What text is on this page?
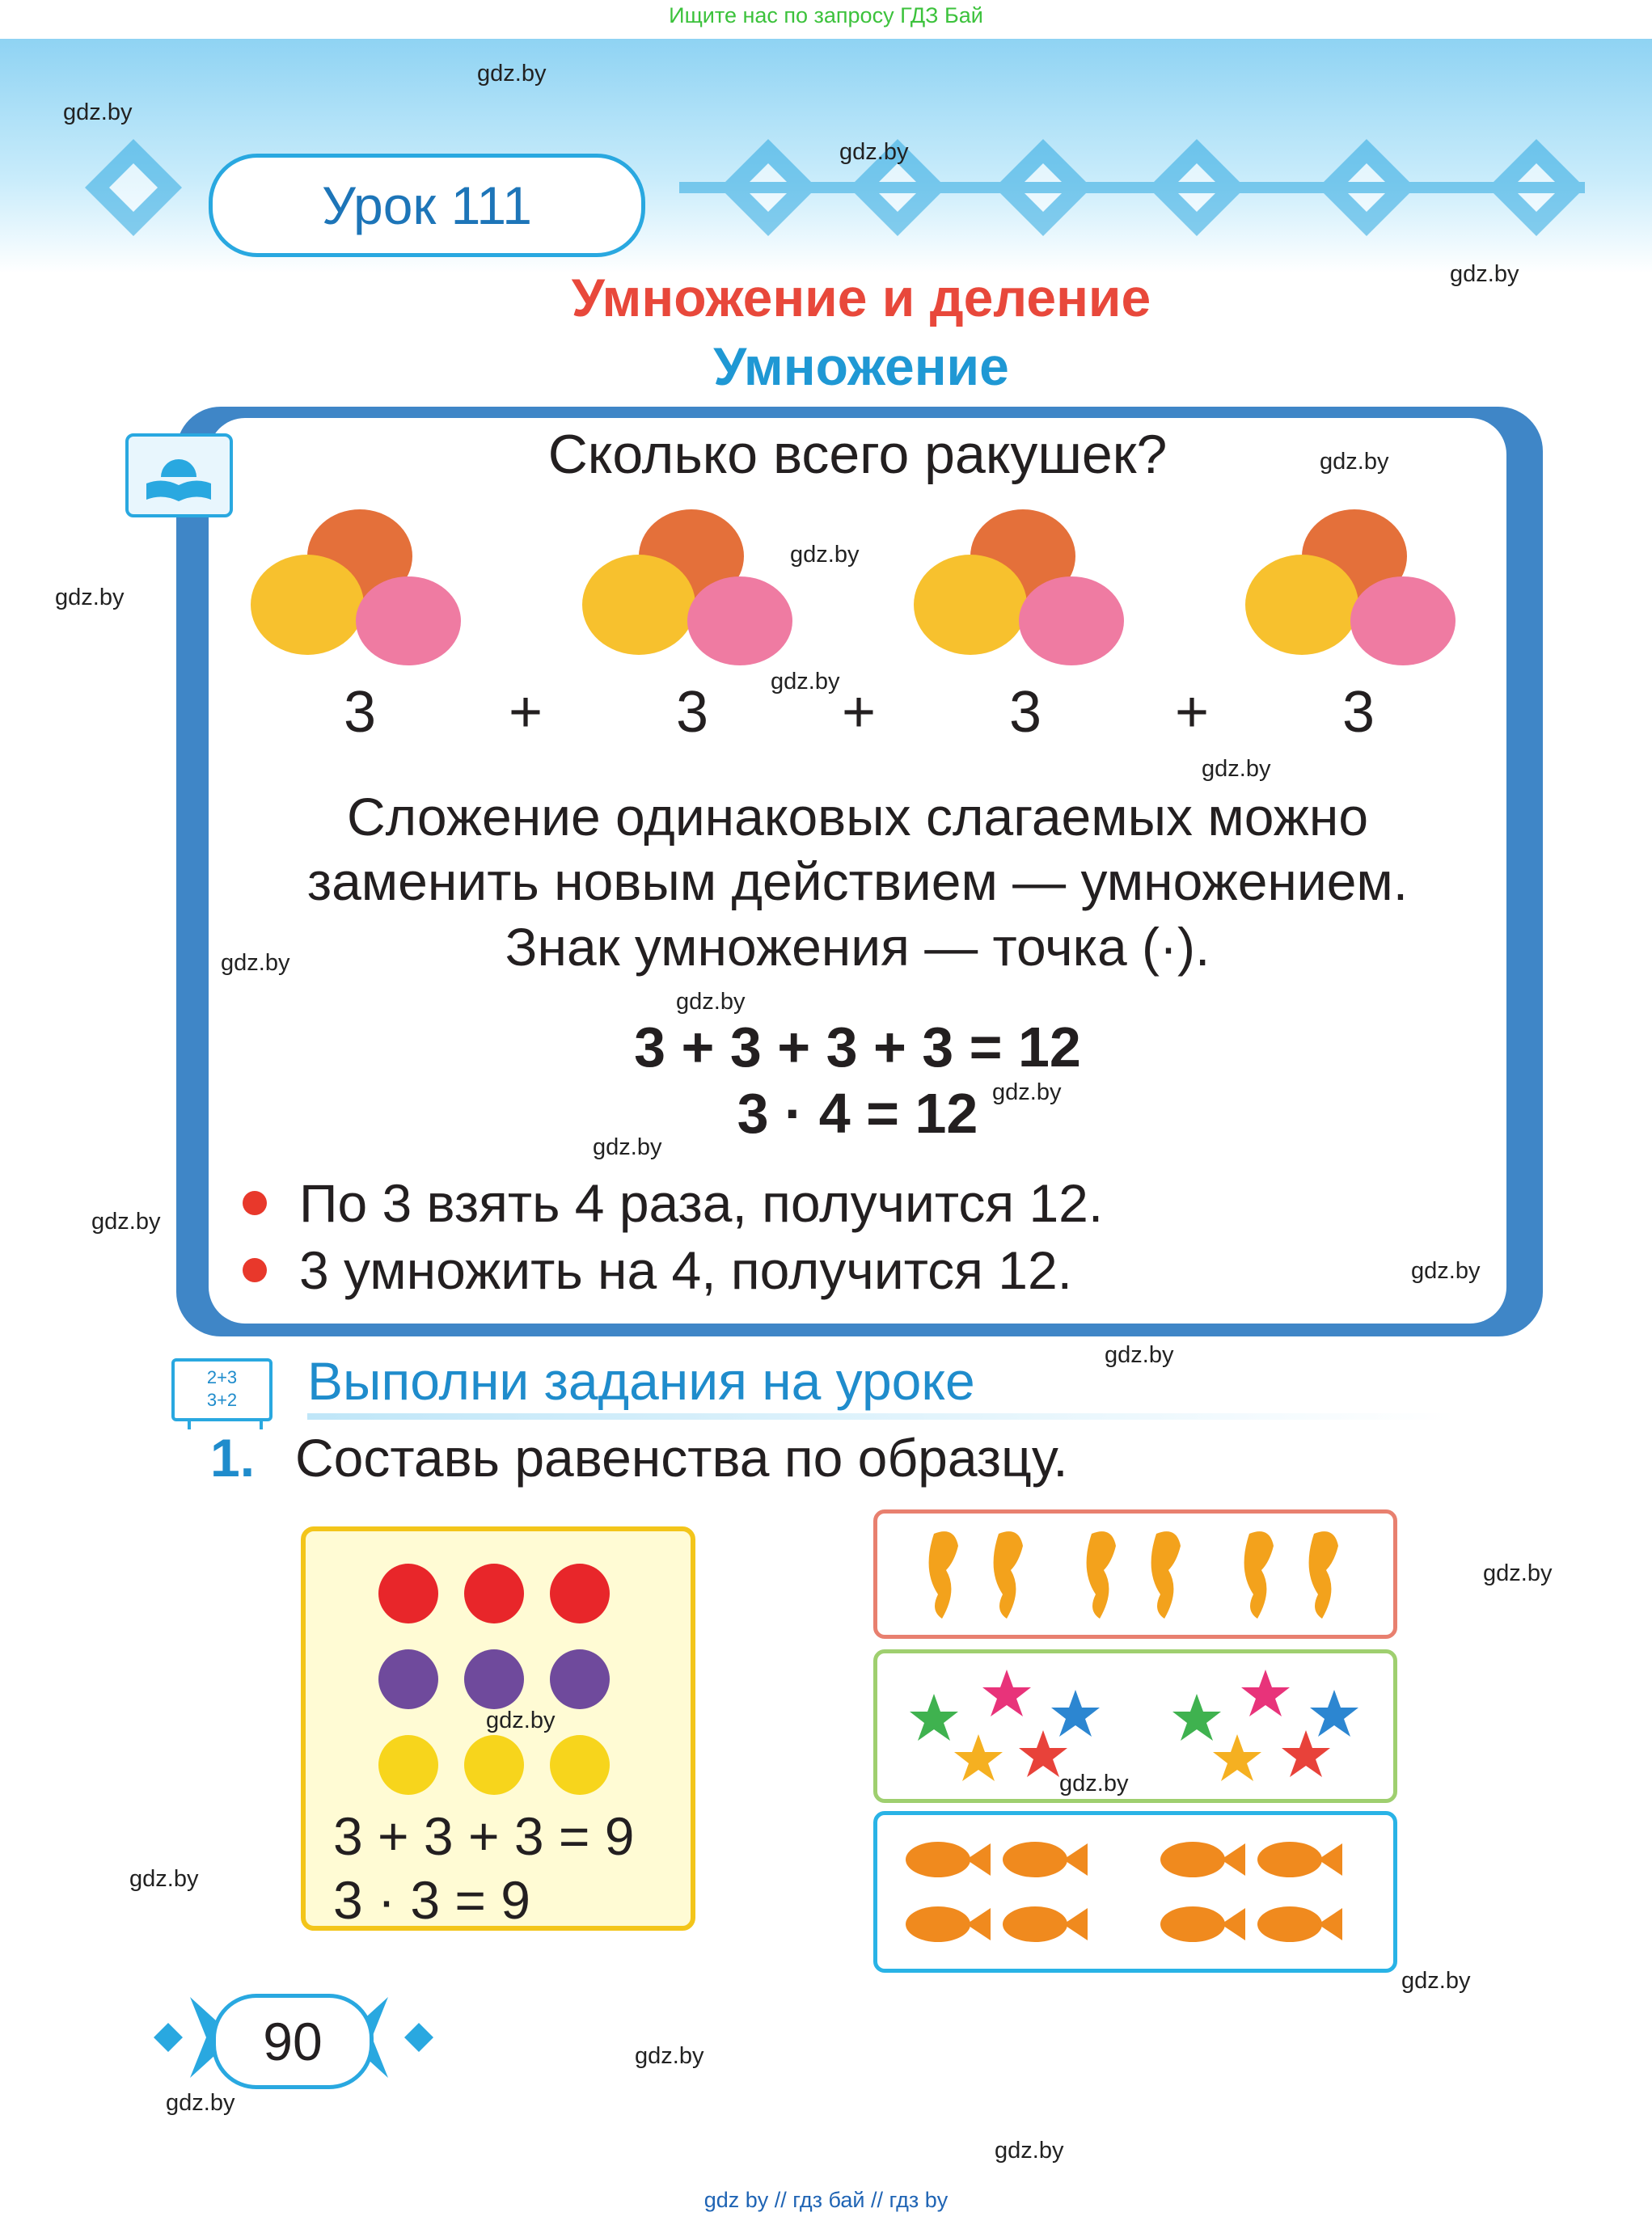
Ищите нас по запросу ГДЗ Бай
Урок 111
Умножение и деление
Умножение
Сколько всего ракушек?
3 + 3 + 3 + 3
Сложение одинаковых слагаемых можно
заменить новым действием — умножением.
Знак умножения — точка (·).
3 + 3 + 3 + 3 = 12
3 · 4 = 12
По 3 взять 4 раза, получится 12.
3 умножить на 4, получится 12.
2+3
3+2	Выполни задания на уроке
1. Составь равенства по образцу.
3 + 3 + 3 = 9
3 · 3 = 9
90
gdz.by
gdz.by
gdz.by
gdz.by
gdz.by
gdz.by
gdz.by
gdz.by
gdz.by
gdz.by
gdz.by
gdz.by
gdz.by
gdz.by
gdz.by
gdz.by
gdz.by
gdz.by
gdz.by
gdz.by
gdz.by
gdz.by
gdz.by
gdz.by
gdz by // гдз бай // гдз by
